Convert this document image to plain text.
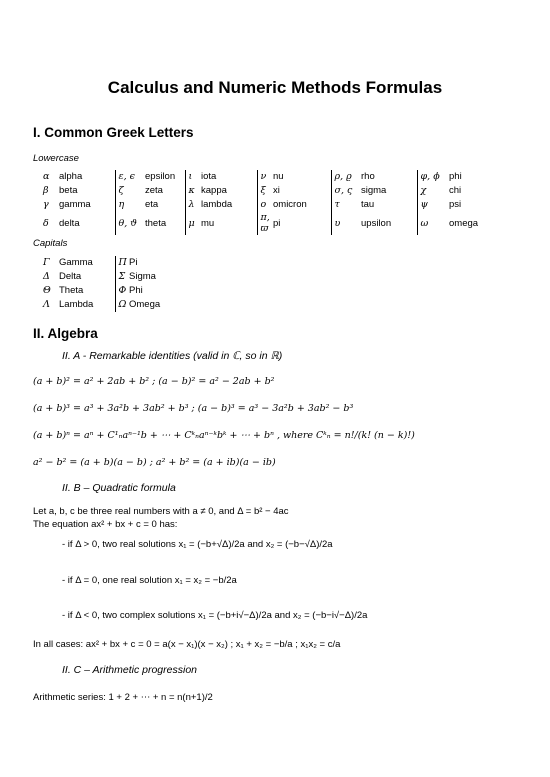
Calculus and Numeric Methods Formulas
I. Common Greek Letters
Lowercase
α	alpha	ε, ϵ	epsilon	ι	iota	ν	nu	ρ, ϱ	rho	φ, ϕ	phi
β	beta	ζ	zeta	κ	kappa	ξ	xi	σ, ς	sigma	χ	chi
γ	gamma	η	eta	λ	lambda	ο	omicron	τ	tau	ψ	psi
δ	delta	θ, ϑ	theta	μ	mu	π, ϖ	pi	υ	upsilon	ω	omega
Capitals
Γ	Gamma	Π	Pi
Δ	Delta	Σ	Sigma
Θ	Theta	Φ	Phi
Λ	Lambda	Ω	Omega
II. Algebra
II. A - Remarkable identities (valid in ℂ, so in ℝ)
(a + b)² = a² + 2ab + b² ; (a − b)² = a² − 2ab + b²
(a + b)³ = a³ + 3a²b + 3ab² + b³ ; (a − b)³ = a³ − 3a²b + 3ab² − b³
(a + b)ⁿ = aⁿ + C¹ₙaⁿ⁻¹b + ⋯ + Cᵏₙaⁿ⁻ᵏbᵏ + ⋯ + bⁿ , where Cᵏₙ = n!/(k! (n − k)!)
a² − b² = (a + b)(a − b) ; a² + b² = (a + ib)(a − ib)
II. B – Quadratic formula
Let a, b, c be three real numbers with a ≠ 0, and Δ = b² − 4ac
The equation ax² + bx + c = 0 has:
- if Δ > 0, two real solutions x₁ = (−b+√Δ)/2a and x₂ = (−b−√Δ)/2a
- if Δ = 0, one real solution x₁ = x₂ = −b/2a
- if Δ < 0, two complex solutions x₁ = (−b+i√−Δ)/2a and x₂ = (−b−i√−Δ)/2a
In all cases: ax² + bx + c = 0 = a(x − x₁)(x − x₂) ; x₁ + x₂ = −b/a ; x₁x₂ = c/a
II. C – Arithmetic progression
Arithmetic series: 1 + 2 + ⋯ + n = n(n+1)/2
